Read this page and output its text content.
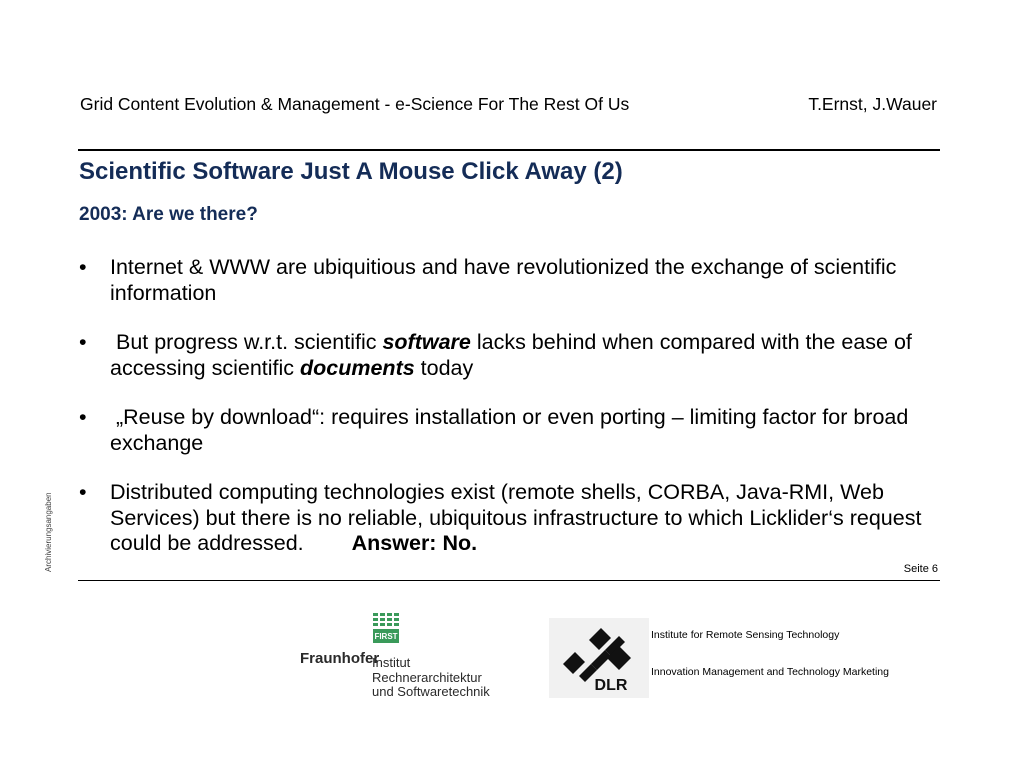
Grid Content Evolution & Management - e-Science For The Rest Of Us	T.Ernst, J.Wauer
Scientific Software Just A Mouse Click Away (2)
2003: Are we there?
• Internet & WWW are ubiquitious and have revolutionized the exchange of scientific information
• But progress w.r.t. scientific software lacks behind when compared with the ease of accessing scientific documents today
• „Reuse by download“: requires installation or even porting – limiting factor for broad exchange
• Distributed computing technologies exist (remote shells, CORBA, Java-RMI, Web Services) but there is no reliable, ubiquitous infrastructure to which Licklider‘s request could be addressed. Answer: No.
Seite 6
Archivierungsangaben
FIRST
Fraunhofer
Institut
Rechnerarchitektur
und Softwaretechnik	DLR
Institute for Remote Sensing Technology
Innovation Management and Technology Marketing
